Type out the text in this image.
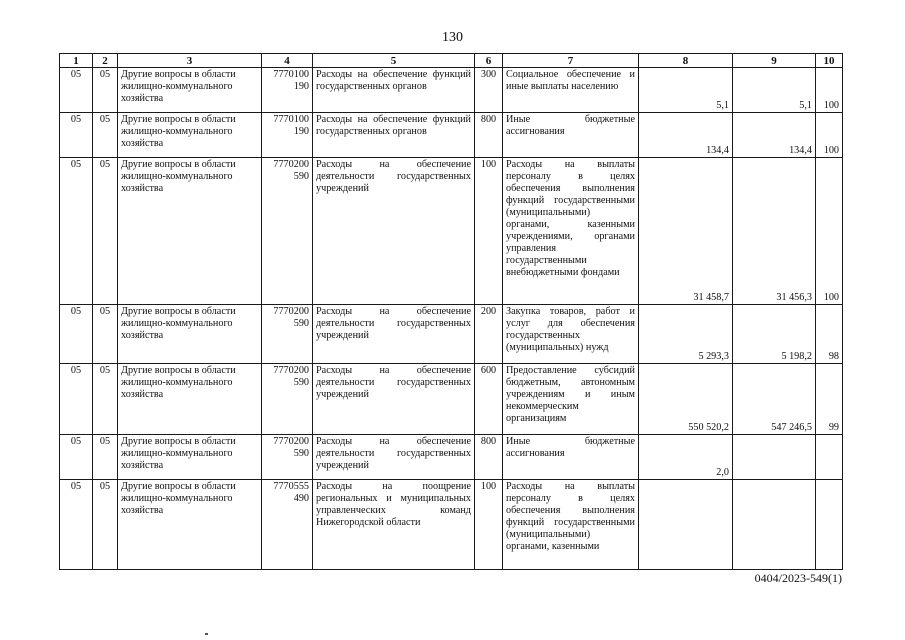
130
1	2	3	4	5	6	7	8	9	10
05	05	Другие вопросы в области жилищно-коммунального хозяйства	7770100 190	Расходы на обеспечение функций государственных органов	300	Социальное обеспечение и иные выплаты населению	5,1	5,1	100
05	05	Другие вопросы в области жилищно-коммунального хозяйства	7770100 190	Расходы на обеспечение функций государственных органов	800	Иные бюджетные ассигнования	134,4	134,4	100
05	05	Другие вопросы в области жилищно-коммунального хозяйства	7770200 590	Расходы на обеспечение деятельности государственных учреждений	100	Расходы на выплаты персоналу в целях обеспечения выполнения функций государственными (муниципальными) органами, казенными учреждениями, органами управления государственными внебюджетными фондами	31 458,7	31 456,3	100
05	05	Другие вопросы в области жилищно-коммунального хозяйства	7770200 590	Расходы на обеспечение деятельности государственных учреждений	200	Закупка товаров, работ и услуг для обеспечения государственных (муниципальных) нужд	5 293,3	5 198,2	98
05	05	Другие вопросы в области жилищно-коммунального хозяйства	7770200 590	Расходы на обеспечение деятельности государственных учреждений	600	Предоставление субсидий бюджетным, автономным учреждениям и иным некоммерческим организациям	550 520,2	547 246,5	99
05	05	Другие вопросы в области жилищно-коммунального хозяйства	7770200 590	Расходы на обеспечение деятельности государственных учреждений	800	Иные бюджетные ассигнования	2,0		
05	05	Другие вопросы в области жилищно-коммунального хозяйства	7770555 490	Расходы на поощрение региональных и муниципальных управленческих команд Нижегородской области	100	Расходы на выплаты персоналу в целях обеспечения выполнения функций государственными (муниципальными) органами, казенными			

0404/2023-549(1)
